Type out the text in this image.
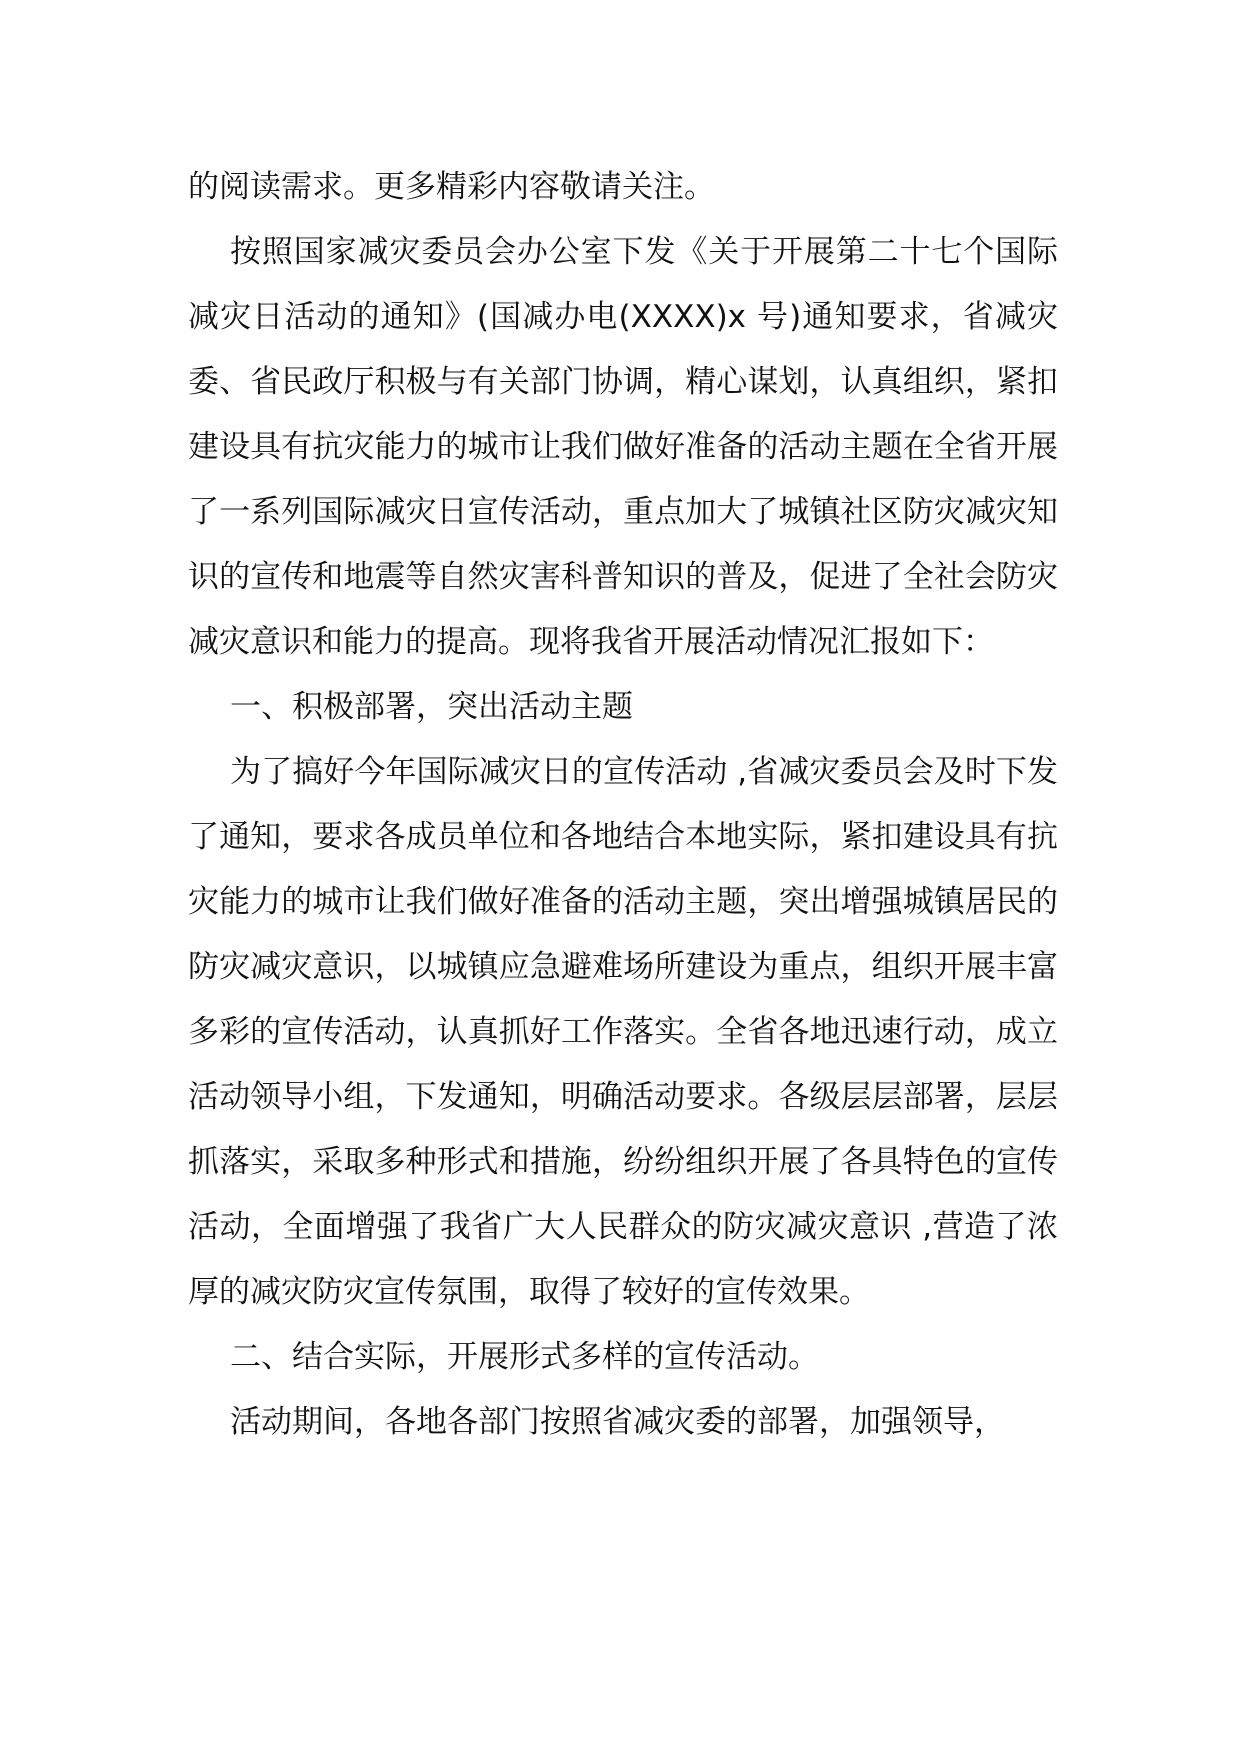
的阅读需求。更多精彩内容敬请关注。

按照国家减灾委员会办公室下发《关于开展第二十七个国际减灾日活动的通知》(国减办电(XXXX)x 号)通知要求，省减灾委、省民政厅积极与有关部门协调，精心谋划，认真组织，紧扣建设具有抗灾能力的城市让我们做好准备的活动主题在全省开展了一系列国际减灾日宣传活动，重点加大了城镇社区防灾减灾知识的宣传和地震等自然灾害科普知识的普及，促进了全社会防灾减灾意识和能力的提高。现将我省开展活动情况汇报如下：

一、积极部署，突出活动主题

为了搞好今年国际减灾日的宣传活动 ,省减灾委员会及时下发了通知，要求各成员单位和各地结合本地实际，紧扣建设具有抗灾能力的城市让我们做好准备的活动主题，突出增强城镇居民的防灾减灾意识，以城镇应急避难场所建设为重点，组织开展丰富多彩的宣传活动，认真抓好工作落实。全省各地迅速行动，成立活动领导小组，下发通知，明确活动要求。各级层层部署，层层抓落实，采取多种形式和措施，纷纷组织开展了各具特色的宣传活动，全面增强了我省广大人民群众的防灾减灾意识 ,营造了浓厚的减灾防灾宣传氛围，取得了较好的宣传效果。

二、结合实际，开展形式多样的宣传活动。

活动期间，各地各部门按照省减灾委的部署，加强领导，
